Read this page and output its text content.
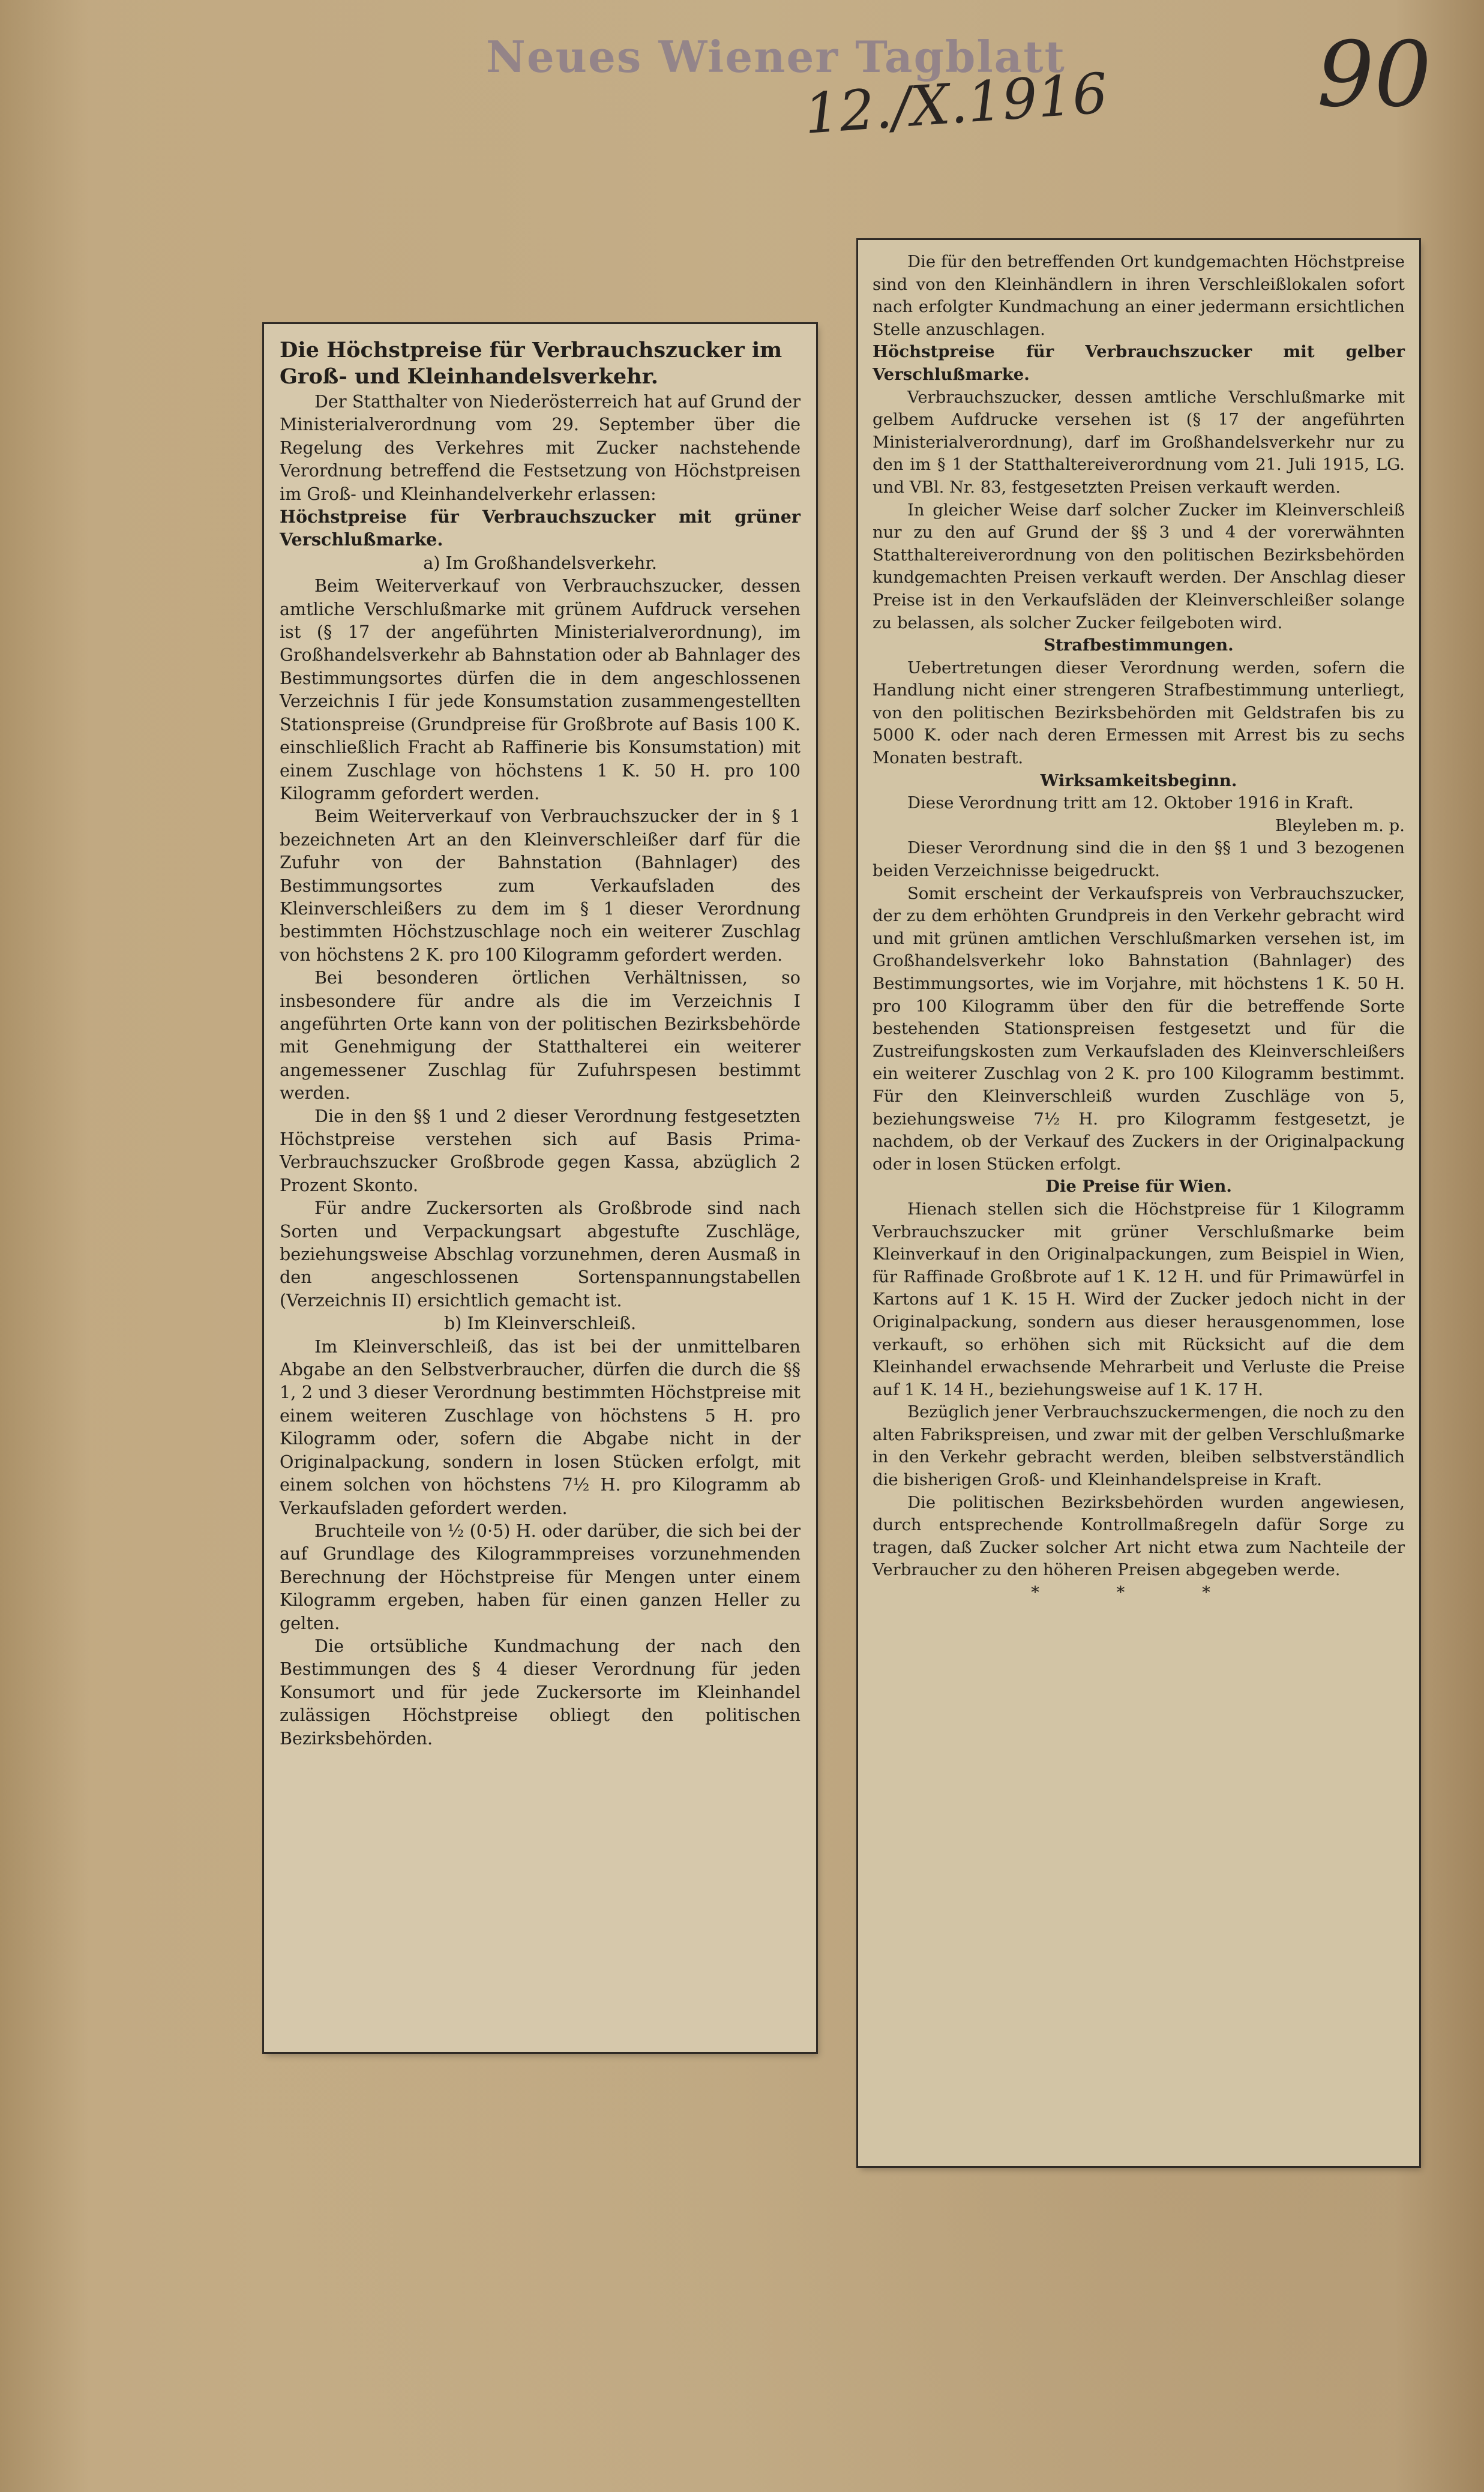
Neues Wiener Tagblatt
12./X.1916 90

Die Höchstpreise für Verbrauchszucker im Groß- und Kleinhandelsverkehr.

Der Statthalter von Niederösterreich hat auf Grund der Ministerialverordnung vom 29. September über die Regelung des Verkehres mit Zucker nachstehende Verordnung betreffend die Festsetzung von Höchstpreisen im Groß- und Kleinhandelverkehr erlassen:

Höchstpreise für Verbrauchszucker mit grüner Verschlußmarke.

a) Im Großhandelsverkehr.

Beim Weiterverkauf von Verbrauchszucker, dessen amtliche Verschlußmarke mit grünem Aufdruck versehen ist (§ 17 der angeführten Ministerialverordnung), im Großhandelsverkehr ab Bahnstation oder ab Bahnlager des Bestimmungsortes dürfen die in dem angeschlossenen Verzeichnis I für jede Konsumstation zusammengestellten Stationspreise (Grundpreise für Großbrote auf Basis 100 K. einschließlich Fracht ab Raffinerie bis Konsumstation) mit einem Zuschlage von höchstens 1 K. 50 H. pro 100 Kilogramm gefordert werden.

Beim Weiterverkauf von Verbrauchszucker der in § 1 bezeichneten Art an den Kleinverschleißer darf für die Zufuhr von der Bahnstation (Bahnlager) des Bestimmungsortes zum Verkaufsladen des Kleinverschleißers zu dem im § 1 dieser Verordnung bestimmten Höchstzuschlage noch ein weiterer Zuschlag von höchstens 2 K. pro 100 Kilogramm gefordert werden.

Bei besonderen örtlichen Verhältnissen, so insbesondere für andre als die im Verzeichnis I angeführten Orte kann von der politischen Bezirksbehörde mit Genehmigung der Statthalterei ein weiterer angemessener Zuschlag für Zufuhrspesen bestimmt werden.

Die in den §§ 1 und 2 dieser Verordnung festgesetzten Höchstpreise verstehen sich auf Basis Prima-Verbrauchszucker Großbrode gegen Kassa, abzüglich 2 Prozent Skonto.

Für andre Zuckersorten als Großbrode sind nach Sorten und Verpackungsart abgestufte Zuschläge, beziehungsweise Abschlag vorzunehmen, deren Ausmaß in den angeschlossenen Sortenspannungstabellen (Verzeichnis II) ersichtlich gemacht ist.

b) Im Kleinverschleiß.

Im Kleinverschleiß, das ist bei der unmittelbaren Abgabe an den Selbstverbraucher, dürfen die durch die §§ 1, 2 und 3 dieser Verordnung bestimmten Höchstpreise mit einem weiteren Zuschlage von höchstens 5 H. pro Kilogramm oder, sofern die Abgabe nicht in der Originalpackung, sondern in losen Stücken erfolgt, mit einem solchen von höchstens 7½ H. pro Kilogramm ab Verkaufsladen gefordert werden.

Bruchteile von ½ (0·5) H. oder darüber, die sich bei der auf Grundlage des Kilogrammpreises vorzunehmenden Berechnung der Höchstpreise für Mengen unter einem Kilogramm ergeben, haben für einen ganzen Heller zu gelten.

Die ortsübliche Kundmachung der nach den Bestimmungen des § 4 dieser Verordnung für jeden Konsumort und für jede Zuckersorte im Kleinhandel zulässigen Höchstpreise obliegt den politischen Bezirksbehörden.

Die für den betreffenden Ort kundgemachten Höchstpreise sind von den Kleinhändlern in ihren Verschleißlokalen sofort nach erfolgter Kundmachung an einer jedermann ersichtlichen Stelle anzuschlagen.

Höchstpreise für Verbrauchszucker mit gelber Verschlußmarke.

Verbrauchszucker, dessen amtliche Verschlußmarke mit gelbem Aufdrucke versehen ist (§ 17 der angeführten Ministerialverordnung), darf im Großhandelsverkehr nur zu den im § 1 der Statthaltereiverordnung vom 21. Juli 1915, LG. und VBl. Nr. 83, festgesetzten Preisen verkauft werden.

In gleicher Weise darf solcher Zucker im Kleinverschleiß nur zu den auf Grund der §§ 3 und 4 der vorerwähnten Statthaltereiverordnung von den politischen Bezirksbehörden kundgemachten Preisen verkauft werden. Der Anschlag dieser Preise ist in den Verkaufsläden der Kleinverschleißer solange zu belassen, als solcher Zucker feilgeboten wird.

Strafbestimmungen.

Uebertretungen dieser Verordnung werden, sofern die Handlung nicht einer strengeren Strafbestimmung unterliegt, von den politischen Bezirksbehörden mit Geldstrafen bis zu 5000 K. oder nach deren Ermessen mit Arrest bis zu sechs Monaten bestraft.

Wirksamkeitsbeginn.

Diese Verordnung tritt am 12. Oktober 1916 in Kraft.

Bleyleben m. p.

Dieser Verordnung sind die in den §§ 1 und 3 bezogenen beiden Verzeichnisse beigedruckt.

Somit erscheint der Verkaufspreis von Verbrauchszucker, der zu dem erhöhten Grundpreis in den Verkehr gebracht wird und mit grünen amtlichen Verschlußmarken versehen ist, im Großhandelsverkehr loko Bahnstation (Bahnlager) des Bestimmungsortes, wie im Vorjahre, mit höchstens 1 K. 50 H. pro 100 Kilogramm über den für die betreffende Sorte bestehenden Stationspreisen festgesetzt und für die Zustreifungskosten zum Verkaufsladen des Kleinverschleißers ein weiterer Zuschlag von 2 K. pro 100 Kilogramm bestimmt. Für den Kleinverschleiß wurden Zuschläge von 5, beziehungsweise 7½ H. pro Kilogramm festgesetzt, je nachdem, ob der Verkauf des Zuckers in der Originalpackung oder in losen Stücken erfolgt.

Die Preise für Wien.

Hienach stellen sich die Höchstpreise für 1 Kilogramm Verbrauchszucker mit grüner Verschlußmarke beim Kleinverkauf in den Originalpackungen, zum Beispiel in Wien, für Raffinade Großbrote auf 1 K. 12 H. und für Primawürfel in Kartons auf 1 K. 15 H. Wird der Zucker jedoch nicht in der Originalpackung, sondern aus dieser herausgenommen, lose verkauft, so erhöhen sich mit Rücksicht auf die dem Kleinhandel erwachsende Mehrarbeit und Verluste die Preise auf 1 K. 14 H., beziehungsweise auf 1 K. 17 H.

Bezüglich jener Verbrauchszuckermengen, die noch zu den alten Fabrikspreisen, und zwar mit der gelben Verschlußmarke in den Verkehr gebracht werden, bleiben selbstverständlich die bisherigen Groß- und Kleinhandelspreise in Kraft.

Die politischen Bezirksbehörden wurden angewiesen, durch entsprechende Kontrollmaßregeln dafür Sorge zu tragen, daß Zucker solcher Art nicht etwa zum Nachteile der Verbraucher zu den höheren Preisen abgegeben werde.

* * *
